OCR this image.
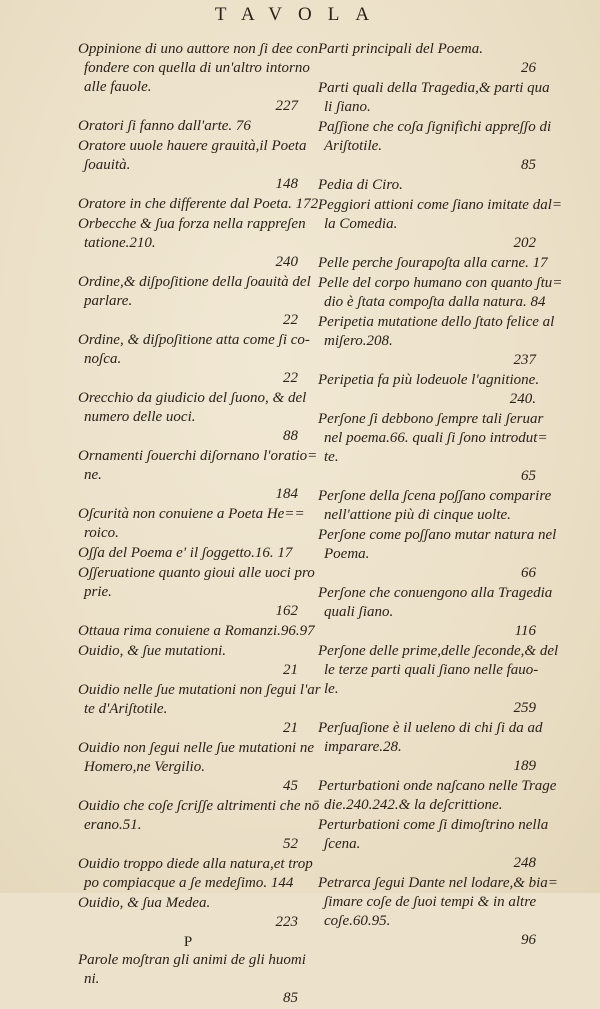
TAVOLA
Oppinione di uno auttore non ʃi dee con
fondere con quella di un'altro intorno
alle fauole.
227
Oratori ʃi fanno dall'arte. 76
Oratore uuole hauere grauità,il Poeta
ʃoauità.
148
Oratore in che differente dal Poeta. 172
Orbecche & ʃua forza nella rappreʃen
tatione.210.
240
Ordine,& diʃpoʃitione della ʃoauità del
parlare.
22
Ordine, & diʃpoʃitione atta come ʃi co-
noʃca.
22
Orecchio da giudicio del ʃuono, & del
numero delle uoci.
88
Ornamenti ʃouerchi diʃornano l'oratio=
ne.
184
Oʃcurità non conuiene a Poeta He==
roico.
Oʃʃa del Poema e' il ʃoggetto.16. 17
Oʃʃeruatione quanto gioui alle uoci pro
prie.
162
Ottaua rima conuiene a Romanzi.96.97
Ouidio, & ʃue mutationi.
21
Ouidio nelle ʃue mutationi non ʃegui l'ar
te d'Ariʃtotile.
21
Ouidio non ʃegui nelle ʃue mutationi ne
Homero,ne Vergilio.
45
Ouidio che coʃe ʃcriʃʃe altrimenti che nō
erano.51.
52
Ouidio troppo diede alla natura,et trop
po compiacque a ʃe medeʃimo. 144
Ouidio, & ʃua Medea.
223
P
Parole moʃtran gli animi de gli huomi
ni.
85
Parti principali del Poema.
26
Parti quali della Tragedia,& parti qua
li ʃiano.
Paʃʃione che coʃa ʃignifichi appreʃʃo di
Ariʃtotile.
85
Pedia di Ciro.
Peggiori attioni come ʃiano imitate dal=
la Comedia.
202
Pelle perche ʃourapoʃta alla carne. 17
Pelle del corpo humano con quanto ʃtu=
dio è ʃtata compoʃta dalla natura. 84
Peripetia mutatione dello ʃtato felice al
miʃero.208.
237
Peripetia fa più lodeuole l'agnitione.
240.
Perʃone ʃi debbono ʃempre tali ʃeruar
nel poema.66. quali ʃi ʃono introdut=
te.
65
Perʃone della ʃcena poʃʃano comparire
nell'attione più di cinque uolte.
Perʃone come poʃʃano mutar natura nel
Poema.
66
Perʃone che conuengono alla Tragedia
quali ʃiano.
116
Perʃone delle prime,delle ʃeconde,& del
le terze parti quali ʃiano nelle fauo-
le.
259
Perʃuaʃione è il ueleno di chi ʃi da ad
imparare.28.
189
Perturbationi onde naʃcano nelle Trage
die.240.242.& la deʃcrittione.
Perturbationi come ʃi dimoʃtrino nella
ʃcena.
248
Petrarca ʃegui Dante nel lodare,& bia=
ʃimare coʃe de ʃuoi tempi & in altre
coʃe.60.95.
96
